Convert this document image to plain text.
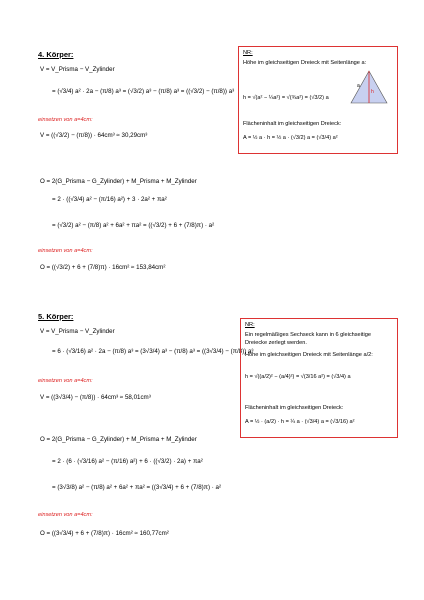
4. Körper:
V = V_Prisma − V_Zylinder
= (√3/4) a² · 2a − (π/8) a³ = (√3/2) a³ − (π/8) a³ = ((√3/2) − (π/8)) a³
einsetzen von a=4cm:
V = ((√3/2) − (π/8)) · 64cm³ ≈ 30,29cm³
O = 2(G_Prisma − G_Zylinder) + M_Prisma + M_Zylinder
= 2 · ((√3/4) a² − (π/16) a²) + 3 · 2a² + πa²
= (√3/2) a² − (π/8) a² + 6a² + πa² = ((√3/2) + 6 + (7/8)π) · a²
einsetzen von a=4cm:
O = ((√3/2) + 6 + (7/8)π) · 16cm² ≈ 153,84cm²
NR:
Höhe im gleichseitigen Dreieck mit Seitenlänge a:
a
h
h = √(a² − ¼a²) = √(¾a²) = (√3/2) a
Flächeninhalt im gleichseitigen Dreieck:
A = ½ a · h = ½ a · (√3/2) a = (√3/4) a²
5. Körper:
V = V_Prisma − V_Zylinder
= 6 · (√3/16) a² · 2a − (π/8) a³ = (3√3/4) a³ − (π/8) a³ = ((3√3/4) − (π/8)) a³
einsetzen von a=4cm:
V = ((3√3/4) − (π/8)) · 64cm³ ≈ 58,01cm³
O = 2(G_Prisma − G_Zylinder) + M_Prisma + M_Zylinder
= 2 · (6 · (√3/16) a² − (π/16) a²) + 6 · ((√3/2) · 2a) + πa²
= (3√3/8) a² − (π/8) a² + 6a² + πa² = ((3√3/4) + 6 + (7/8)π) · a²
einsetzen von a=4cm:
O = ((3√3/4) + 6 + (7/8)π) · 16cm² ≈ 160,77cm²
NR:
Ein regelmäßiges Sechseck kann in 6 gleichseitige
Dreiecke zerlegt werden.
Höhe im gleichseitigen Dreieck mit Seitenlänge a/2:
h = √((a/2)² − (a/4)²) = √(3/16 a²) = (√3/4) a
Flächeninhalt im gleichseitigen Dreieck:
A = ½ · (a/2) · h = ¼ a · (√3/4) a = (√3/16) a²
